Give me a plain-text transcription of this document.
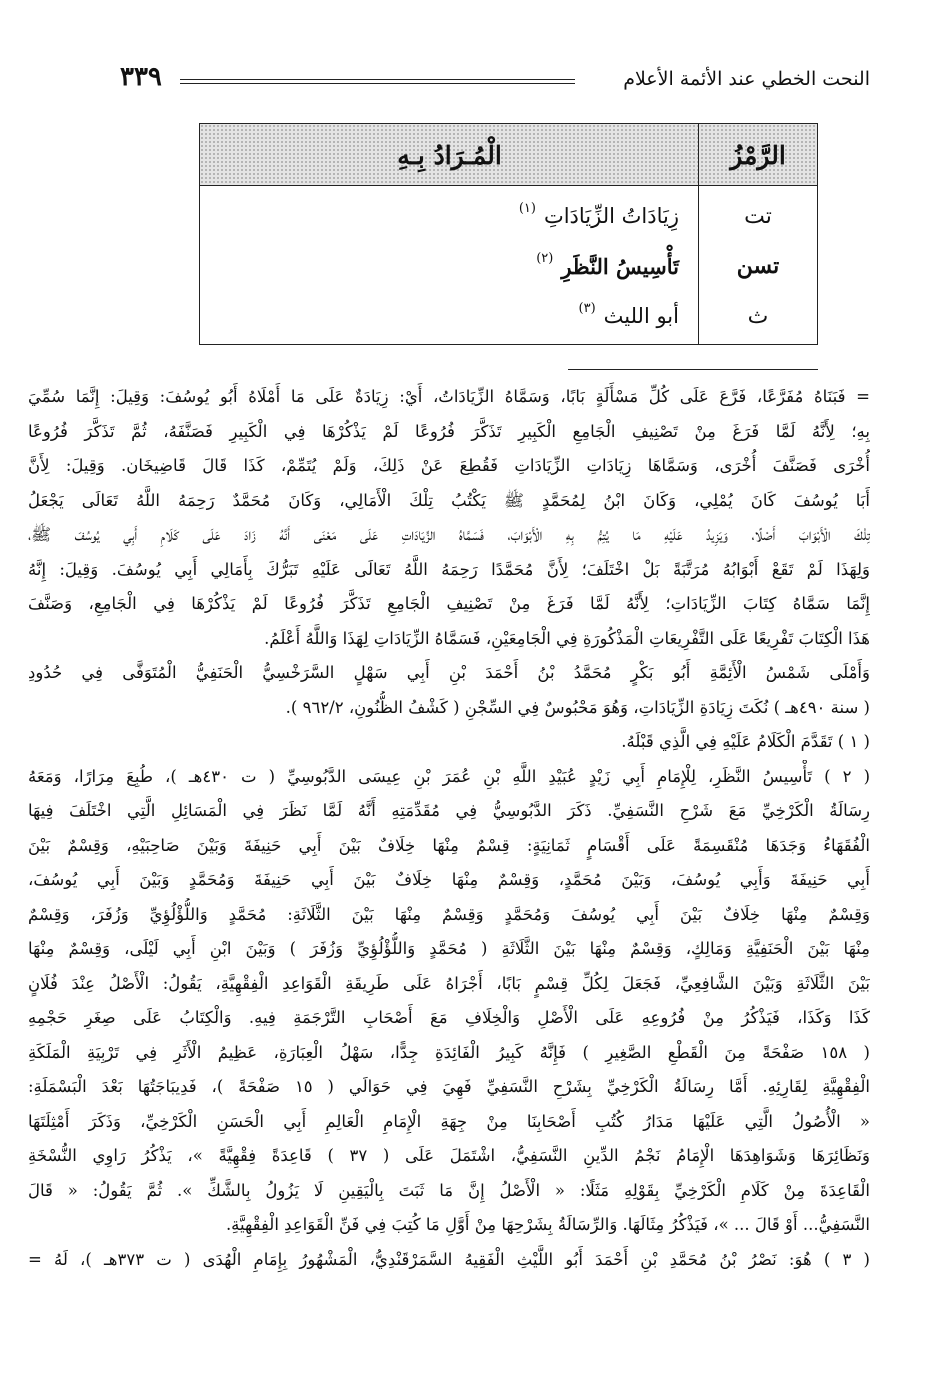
النحت الخطي عند الأئمة الأعلام
٣٣٩
الرَّمْزُ
الْمُـرَادُ بِـهِ
تت
زِيَادَاتُ الزِّيَادَاتِ
(١)
تسن
تَأْسِيسُ النَّظَرِ
(٢)
ث
أبو الليث
(٣)
= فَبَنَاهُ مُفَرَّعًا، فَرَّعَ عَلَى كُلِّ مَسْأَلَةٍ بَابًا، وَسَمَّاهُ الزِّيَادَاتُ، أَيْ: زِيَادَةٌ عَلَى مَا أَمْلَاهُ أَبُو يُوسُفَ: وَقِيلَ: إِنَّمَا سُمِّيَ
بِهِ؛ لِأَنَّهُ لَمَّا فَرَغَ مِنْ تَصْنِيفِ الْجَامِعِ الْكَبِيرِ تَذَكَّرَ فُرُوعًا لَمْ يَذْكُرْهَا فِي الْكَبِيرِ فَصَنَّفَهُ، ثُمَّ تَذَكَّرَ فُرُوعًا
أُخْرَى فَصَنَّفَ أُخْرَى، وَسَمَّاهَا زِيَادَاتِ الزِّيَادَاتِ فَقُطِعَ عَنْ ذَلِكَ، وَلَمْ يُتَمِّمْ، كَذَا قَالَ قَاضِيخَان. وَقِيلَ: لِأَنَّ
أَبَا يُوسُفَ كَانَ يُمْلِي، وَكَانَ ابْنُ لِمُحَمَّدٍ ﷺ يَكْتُبُ تِلْكَ الْأَمَالِي، وَكَانَ مُحَمَّدٌ رَحِمَهُ اللَّهُ تَعَالَى يَجْعَلُ
تِلْكَ الْأَبْوَابَ أَصْلًا، وَيَزِيدُ عَلَيْهِ مَا يُتِمُّ بِهِ الْأَبْوَابَ، فَسَمَّاهُ الزِّيَادَاتِ عَلَى مَعْنَى أَنَّهُ زَادَ عَلَى كَلَامِ أَبِي يُوسُفَ ﷺ،
وَلِهَذَا لَمْ تَقَعْ أَبْوَابُهُ مُرَتَّبَةً بَلْ اخْتَلَفَ؛ لِأَنَّ مُحَمَّدًا رَحِمَهُ اللَّهُ تَعَالَى عَلَيْهِ تَبَرُّكَ بِأَمَالِي أَبِي يُوسُفَ. وَقِيلَ: إِنَّهُ
إِنَّمَا سَمَّاهُ كِتَابَ الزِّيَادَاتِ؛ لِأَنَّهُ لَمَّا فَرَغَ مِنْ تَصْنِيفِ الْجَامِعِ تَذَكَّرَ فُرُوعًا لَمْ يَذْكُرْهَا فِي الْجَامِعِ، وَصَنَّفَ
هَذَا الْكِتَابَ تَفْرِيعًا عَلَى التَّفْرِيعَاتِ الْمَذْكُورَةِ فِي الْجَامِعَيْنِ، فَسَمَّاهُ الزِّيَادَاتِ لِهَذَا وَاللَّهُ أَعْلَمُ.
وَأَمْلَى شَمْسُ الْأَئِمَّةِ أَبُو بَكْرٍ مُحَمَّدُ بْنُ أَحْمَدَ بْنِ أَبِي سَهْلٍ السَّرَخْسِيُّ الْحَنَفِيُّ الْمُتَوَفَّى فِي حُدُودِ
( سنة ٤٩٠هـ ) نُكَتَ زِيَادَةِ الزِّيَادَاتِ، وَهُوَ مَحْبُوسٌ فِي السِّجْنِ ( كَشْفُ الظُّنُونِ، ٩٦٢/٢ ).
( ١ ) تَقَدَّمَ الْكَلَامُ عَلَيْهِ فِي الَّذِي قَبْلَهُ.
( ٢ ) تَأْسِيسُ النَّظَرِ، لِلْإِمَامِ أَبِي زَيْدٍ عُبَيْدِ اللَّهِ بْنِ عُمَرَ بْنِ عِيسَى الدَّبُوسِيِّ ( ت ٤٣٠هـ )، طُبِعَ مِرَارًا، وَمَعَهُ
رِسَالَةُ الْكَرْخِيِّ مَعَ شَرْحِ النَّسَفِيِّ. ذَكَرَ الدَّبُوسِيُّ فِي مُقَدِّمَتِهِ أَنَّهُ لَمَّا نَظَرَ فِي الْمَسَائِلِ الَّتِي اخْتَلَفَ فِيهَا
الْفُقَهَاءُ وَجَدَهَا مُنْقَسِمَةً عَلَى أَقْسَامٍ ثَمَانِيَةٍ: قِسْمٌ مِنْهَا خِلَافٌ بَيْنَ أَبِي حَنِيفَةَ وَبَيْنَ صَاحِبَيْهِ، وَقِسْمٌ بَيْنَ
أَبِي حَنِيفَةَ وَأَبِي يُوسُفَ، وَبَيْنَ مُحَمَّدٍ، وَقِسْمٌ مِنْهَا خِلَافٌ بَيْنَ أَبِي حَنِيفَةَ وَمُحَمَّدٍ وَبَيْنَ أَبِي يُوسُفَ،
وَقِسْمٌ مِنْهَا خِلَافٌ بَيْنَ أَبِي يُوسُفَ وَمُحَمَّدٍ وَقِسْمٌ مِنْهَا بَيْنَ الثَّلَاثَةِ: مُحَمَّدٍ وَاللُّؤْلُؤِيِّ وَزُفَرَ، وَقِسْمٌ
مِنْهَا بَيْنَ الْحَنَفِيَّةِ وَمَالِكٍ، وَقِسْمٌ مِنْهَا بَيْنَ الثَّلَاثَةِ ( مُحَمَّدٍ وَاللُّؤْلُؤِيِّ وَزُفَرَ ) وَبَيْنَ ابْنِ أَبِي لَيْلَى، وَقِسْمٌ مِنْهَا
بَيْنَ الثَّلَاثَةِ وَبَيْنَ الشَّافِعِيِّ، فَجَعَلَ لِكُلِّ قِسْمٍ بَابًا، أَجْرَاهُ عَلَى طَرِيقَةِ الْقَوَاعِدِ الْفِقْهِيَّةِ، يَقُولُ: الْأَصْلُ عِنْدَ فُلَانٍ
كَذَا وَكَذَا، فَيَذْكُرُ مِنْ فُرُوعِهِ عَلَى الْأَصْلِ وَالْخِلَافِ مَعَ أَصْحَابِ التَّرْجَمَةِ فِيهِ. وَالْكِتَابُ عَلَى صِغَرِ حَجْمِهِ
( ١٥٨ صَفْحَةً مِنَ الْقَطْعِ الصَّغِيرِ ) فَإِنَّهُ كَبِيرُ الْفَائِدَةِ جِدًّا، سَهْلُ الْعِبَارَةِ، عَظِيمُ الْأَثَرِ فِي تَرْبِيَةِ الْمَلَكَةِ
الْفِقْهِيَّةِ لِقَارِئِهِ. أَمَّا رِسَالَةُ الْكَرْخِيِّ بِشَرْحِ النَّسَفِيِّ فَهِيَ فِي حَوَالَي ( ١٥ صَفْحَةً )، فَدِيبَاجَتُهَا بَعْدَ الْبَسْمَلَةِ:
« الْأُصُولُ الَّتِي عَلَيْهَا مَدَارُ كُتُبِ أَصْحَابِنَا مِنْ جِهَةِ الْإِمَامِ الْعَالِمِ أَبِي الْحَسَنِ الْكَرْخِيِّ، وَذَكَرَ أَمْثِلَتَهَا
وَنَظَائِرَهَا وَشَوَاهِدَهَا الْإِمَامُ نَجْمُ الدِّينِ النَّسَفِيُّ، اشْتَمَلَ عَلَى ( ٣٧ ) قَاعِدَةً فِقْهِيَّةً »، يَذْكُرُ رَاوِي النُّسْخَةِ
الْقَاعِدَةَ مِنْ كَلَامِ الْكَرْخِيِّ بِقَوْلِهِ مَثَلًا: « الْأَصْلُ إِنَّ مَا ثَبَتَ بِالْيَقِينِ لَا يَزُولُ بِالشَّكِّ ». ثُمَّ يَقُولُ: « قَالَ
النَّسَفِيُّ... أَوْ قَالَ ... »، فَيَذْكُرُ مِثَالَهَا. وَالرِّسَالَةُ بِشَرْحِهَا مِنْ أَوَّلِ مَا كُتِبَ فِي فَنِّ الْقَوَاعِدِ الْفِقْهِيَّةِ.
( ٣ ) هُوَ: نَصْرُ بْنُ مُحَمَّدِ بْنِ أَحْمَدَ أَبُو اللَّيْثِ الْفَقِيهُ السَّمَرْقَنْدِيُّ، الْمَشْهُورُ بِإِمَامِ الْهُدَى ( ت ٣٧٣هـ )، لَهُ =
